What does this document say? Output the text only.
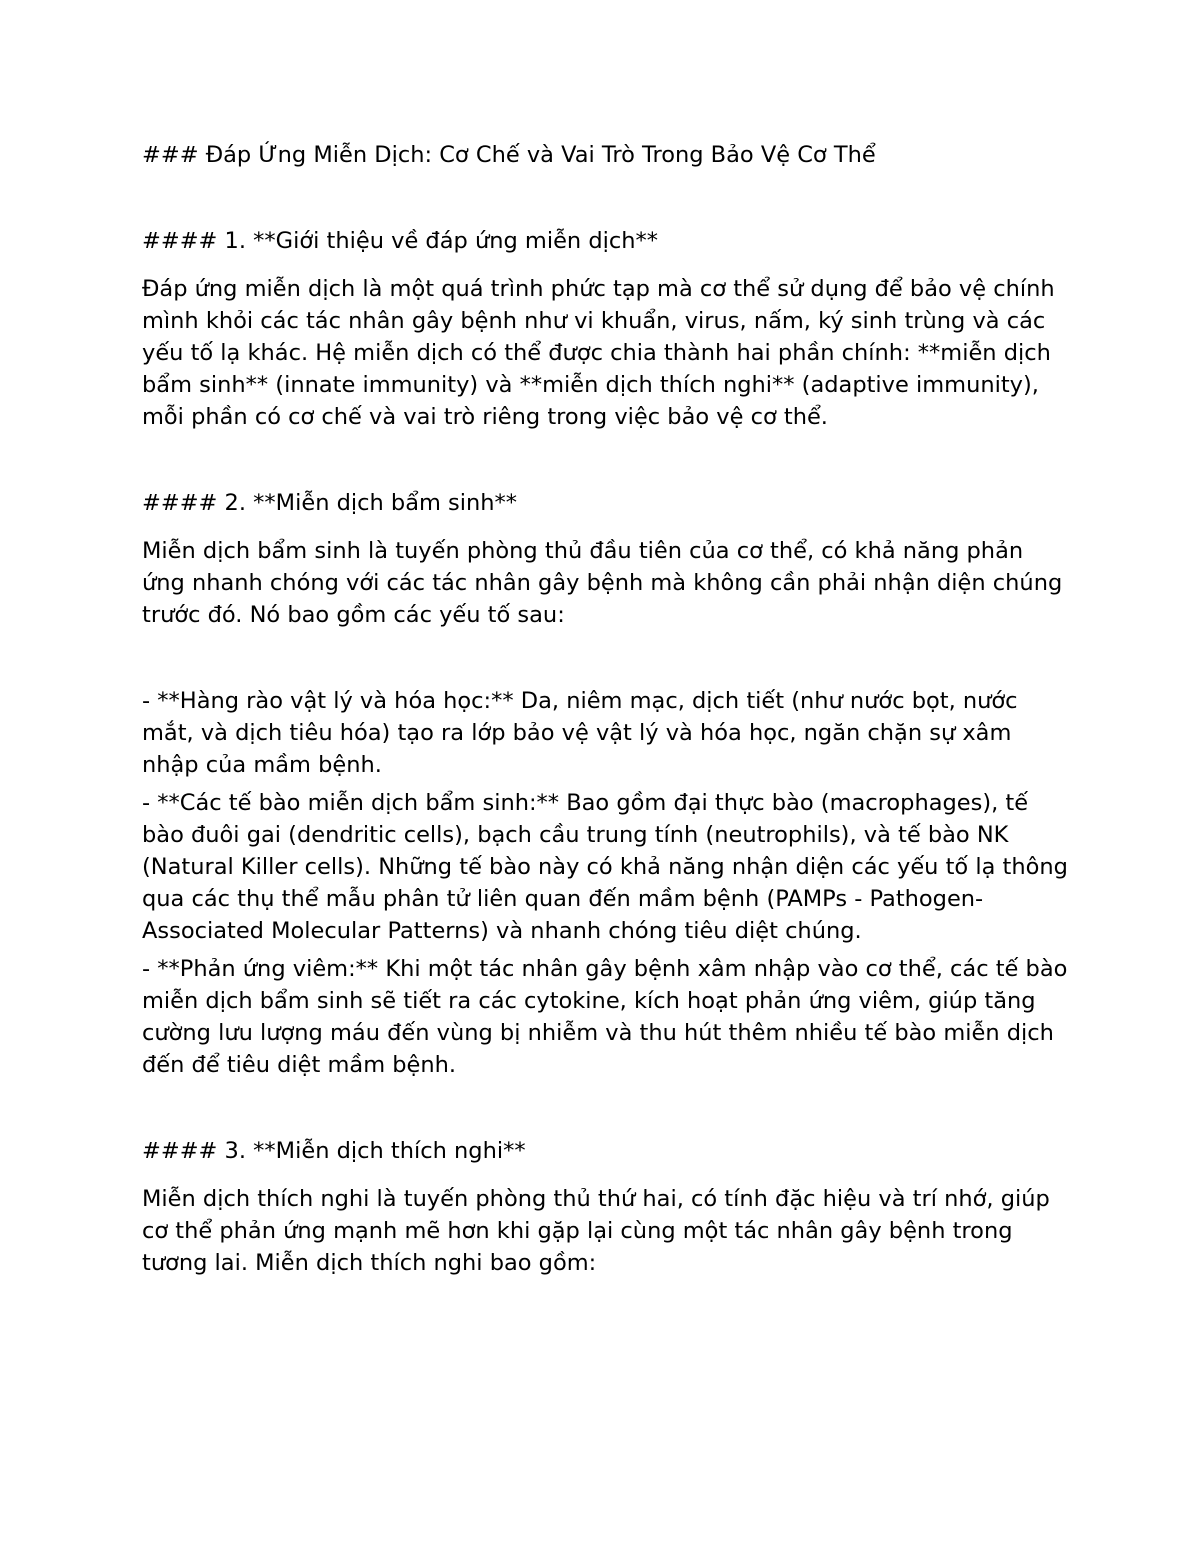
### Đáp Ứng Miễn Dịch: Cơ Chế và Vai Trò Trong Bảo Vệ Cơ Thể

#### 1. **Giới thiệu về đáp ứng miễn dịch**

Đáp ứng miễn dịch là một quá trình phức tạp mà cơ thể sử dụng để bảo vệ chính mình khỏi các tác nhân gây bệnh như vi khuẩn, virus, nấm, ký sinh trùng và các yếu tố lạ khác. Hệ miễn dịch có thể được chia thành hai phần chính: **miễn dịch bẩm sinh** (innate immunity) và **miễn dịch thích nghi** (adaptive immunity), mỗi phần có cơ chế và vai trò riêng trong việc bảo vệ cơ thể.

#### 2. **Miễn dịch bẩm sinh**

Miễn dịch bẩm sinh là tuyến phòng thủ đầu tiên của cơ thể, có khả năng phản ứng nhanh chóng với các tác nhân gây bệnh mà không cần phải nhận diện chúng trước đó. Nó bao gồm các yếu tố sau:

- **Hàng rào vật lý và hóa học:** Da, niêm mạc, dịch tiết (như nước bọt, nước mắt, và dịch tiêu hóa) tạo ra lớp bảo vệ vật lý và hóa học, ngăn chặn sự xâm nhập của mầm bệnh.

- **Các tế bào miễn dịch bẩm sinh:** Bao gồm đại thực bào (macrophages), tế bào đuôi gai (dendritic cells), bạch cầu trung tính (neutrophils), và tế bào NK (Natural Killer cells). Những tế bào này có khả năng nhận diện các yếu tố lạ thông qua các thụ thể mẫu phân tử liên quan đến mầm bệnh (PAMPs - Pathogen-Associated Molecular Patterns) và nhanh chóng tiêu diệt chúng.

- **Phản ứng viêm:** Khi một tác nhân gây bệnh xâm nhập vào cơ thể, các tế bào miễn dịch bẩm sinh sẽ tiết ra các cytokine, kích hoạt phản ứng viêm, giúp tăng cường lưu lượng máu đến vùng bị nhiễm và thu hút thêm nhiều tế bào miễn dịch đến để tiêu diệt mầm bệnh.

#### 3. **Miễn dịch thích nghi**

Miễn dịch thích nghi là tuyến phòng thủ thứ hai, có tính đặc hiệu và trí nhớ, giúp cơ thể phản ứng mạnh mẽ hơn khi gặp lại cùng một tác nhân gây bệnh trong tương lai. Miễn dịch thích nghi bao gồm:
